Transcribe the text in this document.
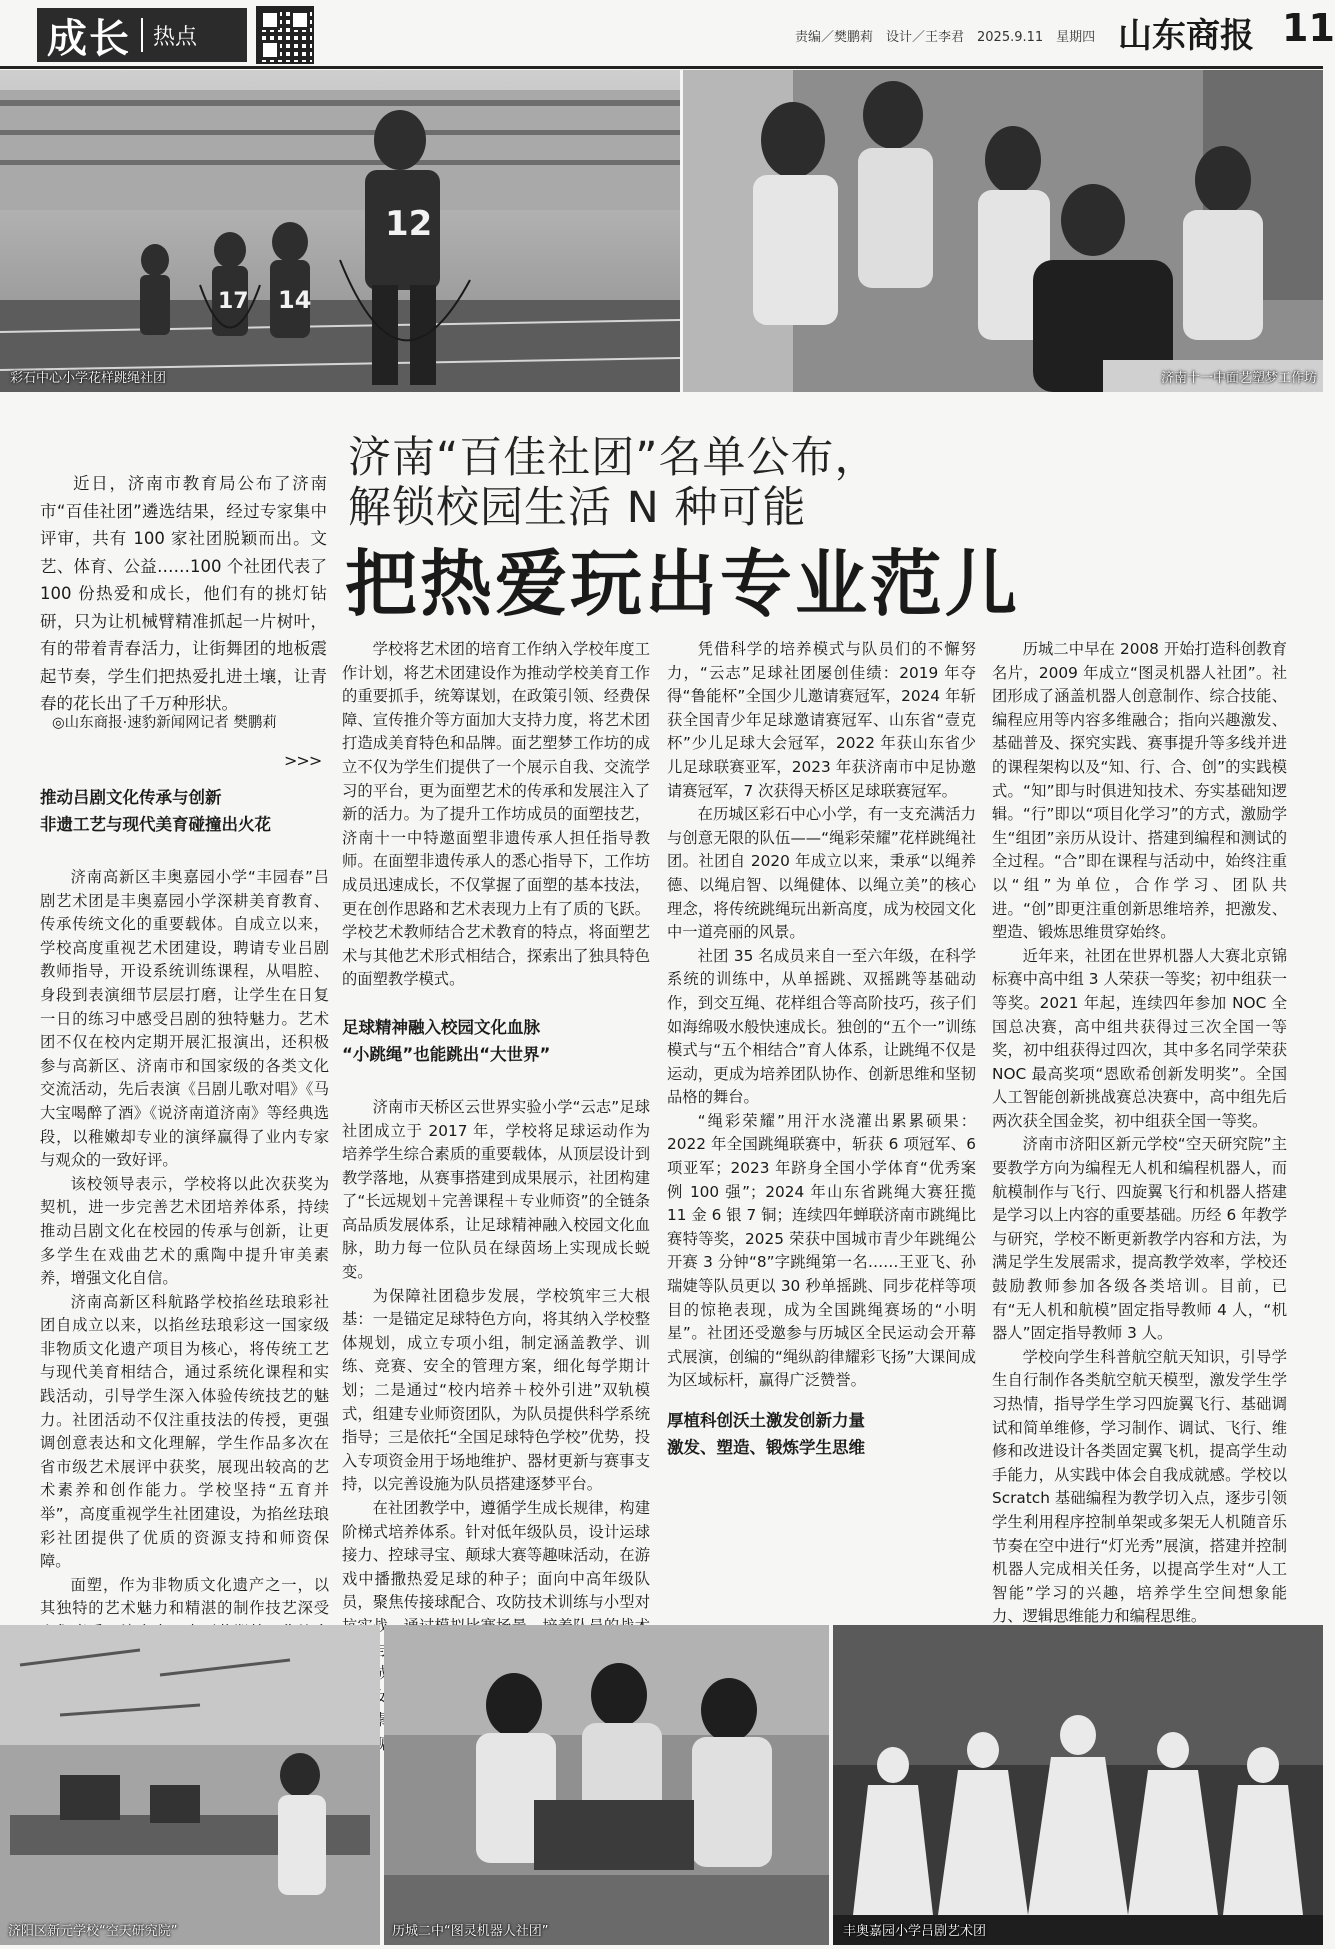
成长 热点	责编／樊鹏莉　设计／王李君　2025.9.11　星期四 山东商报 11
17 14
12
彩石中心小学花样跳绳社团	济南十一中面艺塑梦工作坊
济南“百佳社团”名单公布，
解锁校园生活 N 种可能
把热爱玩出专业范儿
近日，济南市教育局公布了济南市“百佳社团”遴选结果，经过专家集中评审，共有 100 家社团脱颖而出。文艺、体育、公益……100 个社团代表了 100 份热爱和成长，他们有的挑灯钻研，只为让机械臂精准抓起一片树叶，有的带着青春活力，让街舞团的地板震起节奏，学生们把热爱扎进土壤，让青春的花长出了千万种形状。
◎山东商报·速豹新闻网记者 樊鹏莉
>>>
推动吕剧文化传承与创新
非遗工艺与现代美育碰撞出火花

济南高新区丰奥嘉园小学“丰园春”吕剧艺术团是丰奥嘉园小学深耕美育教育、传承传统文化的重要载体。自成立以来，学校高度重视艺术团建设，聘请专业吕剧教师指导，开设系统训练课程，从唱腔、身段到表演细节层层打磨，让学生在日复一日的练习中感受吕剧的独特魅力。艺术团不仅在校内定期开展汇报演出，还积极参与高新区、济南市和国家级的各类文化交流活动，先后表演《吕剧儿歌对唱》《马大宝喝醉了酒》《说济南道济南》等经典选段，以稚嫩却专业的演绎赢得了业内专家与观众的一致好评。

该校领导表示，学校将以此次获奖为契机，进一步完善艺术团培养体系，持续推动吕剧文化在校园的传承与创新，让更多学生在戏曲艺术的熏陶中提升审美素养，增强文化自信。

济南高新区科航路学校掐丝珐琅彩社团自成立以来，以掐丝珐琅彩这一国家级非物质文化遗产项目为核心，将传统工艺与现代美育相结合，通过系统化课程和实践活动，引导学生深入体验传统技艺的魅力。社团活动不仅注重技法的传授，更强调创意表达和文化理解，学生作品多次在省市级艺术展评中获奖，展现出较高的艺术素养和创作能力。学校坚持“五育并举”，高度重视学生社团建设，为掐丝珐琅彩社团提供了优质的资源支持和师资保障。

面塑，作为非物质文化遗产之一，以其独特的艺术魅力和精湛的制作技艺深受

学校将艺术团的培育工作纳入学校年度工作计划，将艺术团建设作为推动学校美育工作的重要抓手，统筹谋划，在政策引领、经费保障、宣传推介等方面加大支持力度，将艺术团打造成美育特色和品牌。面艺塑梦工作坊的成立不仅为学生们提供了一个展示自我、交流学习的平台，更为面塑艺术的传承和发展注入了新的活力。为了提升工作坊成员的面塑技艺，济南十一中特邀面塑非遗传承人担任指导教师。在面塑非遗传承人的悉心指导下，工作坊成员迅速成长，不仅掌握了面塑的基本技法，更在创作思路和艺术表现力上有了质的飞跃。学校艺术教师结合艺术教育的特点，将面塑艺术与其他艺术形式相结合，探索出了独具特色的面塑教学模式。

足球精神融入校园文化血脉
“小跳绳”也能跳出“大世界”

济南市天桥区云世界实验小学“云志”足球社团成立于 2017 年，学校将足球运动作为培养学生综合素质的重要载体，从顶层设计到教学落地，从赛事搭建到成果展示，社团构建了“长远规划＋完善课程＋专业师资”的全链条高品质发展体系，让足球精神融入校园文化血脉，助力每一位队员在绿茵场上实现成长蜕变。

为保障社团稳步发展，学校筑牢三大根基：一是锚定足球特色方向，将其纳入学校整体规划，成立专项小组，制定涵盖教学、训练、竞赛、安全的管理方案，细化每学期计划；二是通过“校内培养＋校外引进”双轨模式，组建专业师资团队，为队员提供科学系统指导；三是依托“全国足球特色学校”优势，投入专项资金用于场地维护、器材更新与赛事支持，以完善设施为队员搭建逐梦平台。

在社团教学中，遵循学生成长规律，构建阶梯式培养体系。针对低年级队员，设计运球接力、控球寻宝、颠球大赛等趣味活动，在游戏中播撒热爱足球的种子；面向中高年级队员，聚焦传接球配合、攻防技术训练与小型对 战 与 成

凭借科学的培养模式与队员们的不懈努力，“云志”足球社团屡创佳绩：2019 年夺得“鲁能杯”全国少儿邀请赛冠军，2024 年斩获全国青少年足球邀请赛冠军、山东省“壹克杯”少儿足球大会冠军，2022 年获山东省少儿足球联赛亚军，2023 年获济南市中足协邀请赛冠军，7 次获得天桥区足球联赛冠军。

在历城区彩石中心小学，有一支充满活力与创意无限的队伍——“绳彩荣耀”花样跳绳社团。社团自 2020 年成立以来，秉承“以绳养德、以绳启智、以绳健体、以绳立美”的核心理念，将传统跳绳玩出新高度，成为校园文化中一道亮丽的风景。

社团 35 名成员来自一至六年级，在科学系统的训练中，从单摇跳、双摇跳等基础动作，到交互绳、花样组合等高阶技巧，孩子们如海绵吸水般快速成长。独创的“五个一”训练模式与“五个相结合”育人体系，让跳绳不仅是运动，更成为培养团队协作、创新思维和坚韧品格的舞台。

“绳彩荣耀”用汗水浇灌出累累硕果：2022 年全国跳绳联赛中，斩获 6 项冠军、6 项亚军；2023 年跻身全国小学体育“优秀案例 100 强”；2024 年山东省跳绳大赛狂揽 11 金 6 银 7 铜；连续四年蝉联济南市跳绳比赛特等奖，2025 荣获中国城市青少年跳绳公开赛 3 分钟“8”字跳绳第一名……王亚飞、孙瑞婕等队员更以 30 秒单摇跳、同步花样等项目的惊艳表现，成为全国跳绳赛场的“小明星”。社团还受邀参与历城区全民运动会开幕式展演，创编的“绳纵韵律耀彩飞扬”大课间成为区域标杆，赢得广泛赞誉。

厚植科创沃土激发创新力量
激发、塑造、锻炼学生思维

历城二中早在 2008 开始打造科创教育名片，2009 年成立“图灵机器人社团”。社团形成了涵盖机器人创意制作、综合技能、编程应用等内容多维融合；指向兴趣激发、基础普及、探究实践、赛事提升等多线并进的课程架构以及“知、行、合、创”的实践模式。“知”即与时俱进知技术、夯实基础知逻辑。“行”即以“项目化学习”的方式，激励学生“组团”亲历从设计、搭建到编程和测试的全过程。“合”即在课程与活动中，始终注重以“组”为单位，合作学习、团队共进。“创”即更注重创新思维培养，把激发、塑造、锻炼思维贯穿始终。

近年来，社团在世界机器人大赛北京锦标赛中高中组 3 人荣获一等奖；初中组获一等奖。2021 年起，连续四年参加 NOC 全国总决赛，高中组共获得过三次全国一等奖，初中组获得过四次，其中多名同学荣获 NOC 最高奖项“恩欧希创新发明奖”。全国人工智能创新挑战赛总决赛中，高中组先后两次获全国金奖，初中组获全国一等奖。

济南市济阳区新元学校“空天研究院”主要教学方向为编程无人机和编程机器人，而航模制作与飞行、四旋翼飞行和机器人搭建是学习以上内容的重要基础。历经 6 年教学与研究，学校不断更新教学内容和方法，为满足学生发展需求，提高教学效率，学校还鼓励教师参加各级各类培训。目前，已有“无人机和航模”固定指导教师 4 人，“机器人”固定指导教师 3 人。

学校向学生科普航空航天知识，引导学生自行制作各类航空航天模型，激发学生学习热情，指导学生学习四旋翼飞行、基础调试和简单维修，学习制作、调试、飞行、维修和改进设计各类固定翼飞机，提高学生动手能力，从实践中体会自我成就感。学校以 Scratch 基础编程为教学切入点，逐步引领学生利用程序控制单架或多架无人机随音乐节奏在空中进行“灯光秀”展演，搭建并控制机器人完成相关任务，以提高学生对“人工智能”学习的兴趣，培养学生空间想象能力、逻辑思维能力和编程思维。

济阳区新元学校“空天研究院”	历城二中“图灵机器人社团”	丰奥嘉园小学吕剧艺术团
